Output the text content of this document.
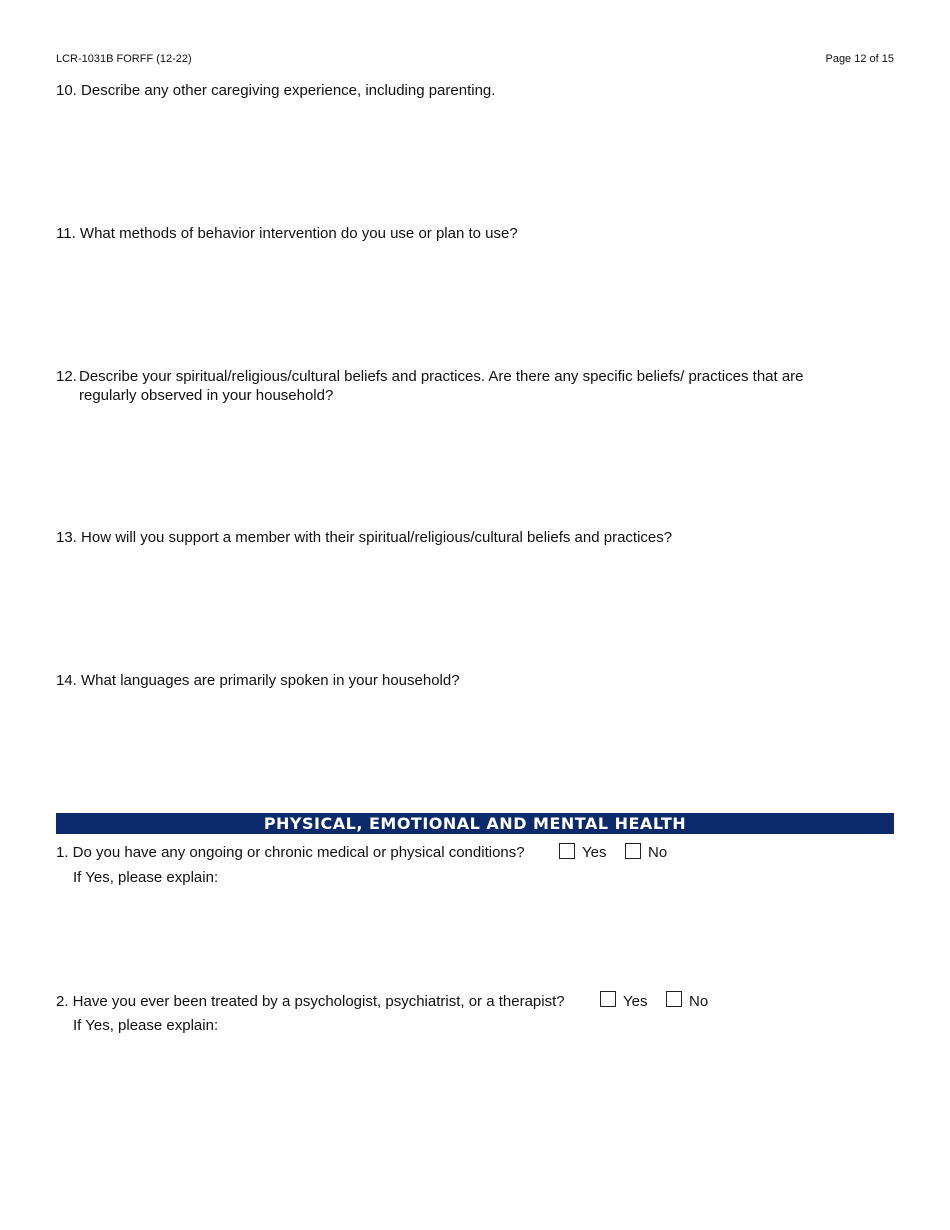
LCR-1031B FORFF (12-22)	Page 12 of 15
10. Describe any other caregiving experience, including parenting.
11. What methods of behavior intervention do you use or plan to use?
12. Describe your spiritual/religious/cultural beliefs and practices. Are there any specific beliefs/ practices that are
regularly observed in your household?
13. How will you support a member with their spiritual/religious/cultural beliefs and practices?
14. What languages are primarily spoken in your household?
PHYSICAL, EMOTIONAL AND MENTAL HEALTH
1. Do you have any ongoing or chronic medical or physical conditions?	Yes	No
If Yes, please explain:
2. Have you ever been treated by a psychologist, psychiatrist, or a therapist?	Yes	No
If Yes, please explain:
